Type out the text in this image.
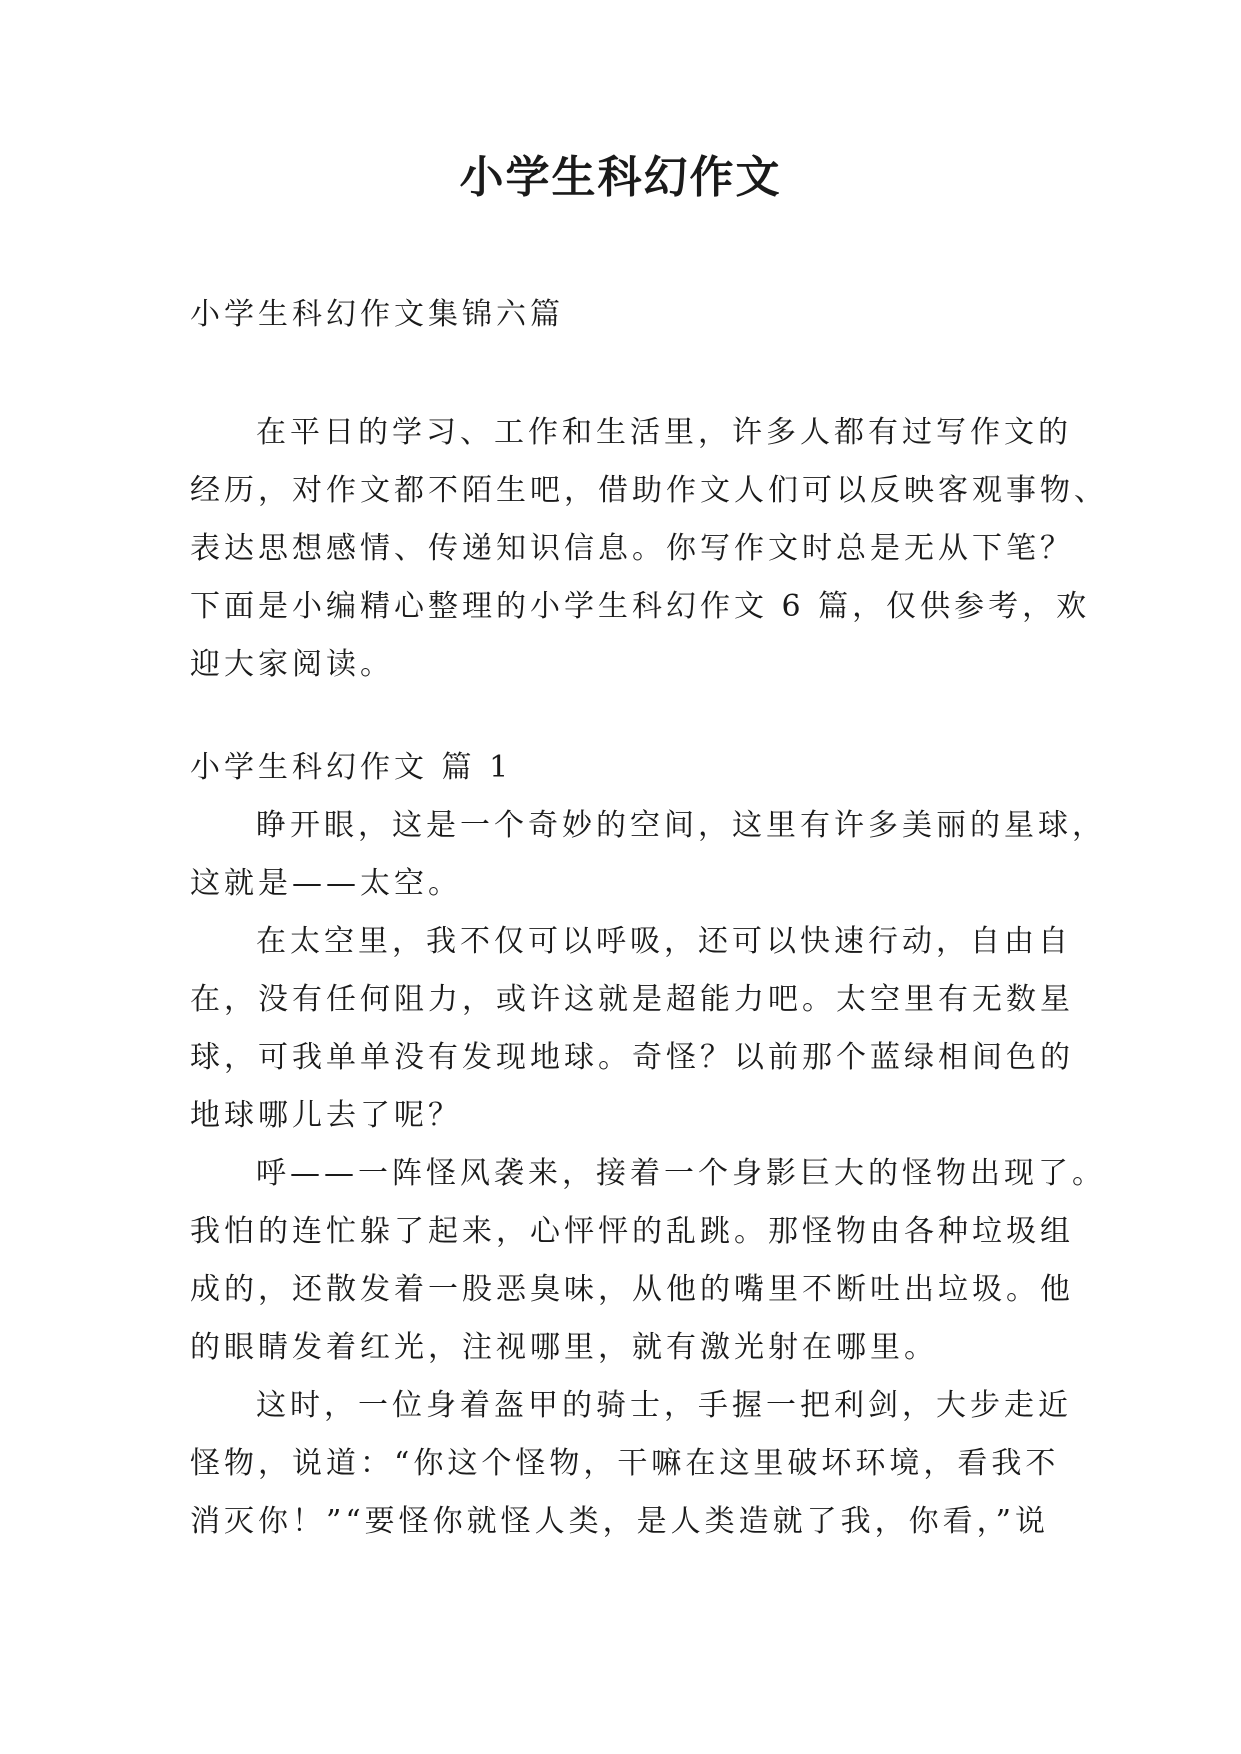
小学生科幻作文
小学生科幻作文集锦六篇
在平日的学习、工作和生活里，许多人都有过写作文的
经历，对作文都不陌生吧，借助作文人们可以反映客观事物、
表达思想感情、传递知识信息。你写作文时总是无从下笔？
下面是小编精心整理的小学生科幻作文 6 篇，仅供参考，欢
迎大家阅读。
小学生科幻作文 篇 1
睁开眼，这是一个奇妙的空间，这里有许多美丽的星球，
这就是——太空。
在太空里，我不仅可以呼吸，还可以快速行动，自由自
在，没有任何阻力，或许这就是超能力吧。太空里有无数星
球，可我单单没有发现地球。奇怪？以前那个蓝绿相间色的
地球哪儿去了呢？
呼——一阵怪风袭来，接着一个身影巨大的怪物出现了。
我怕的连忙躲了起来，心怦怦的乱跳。那怪物由各种垃圾组
成的，还散发着一股恶臭味，从他的嘴里不断吐出垃圾。他
的眼睛发着红光，注视哪里，就有激光射在哪里。
这时，一位身着盔甲的骑士，手握一把利剑，大步走近
怪物，说道：“你这个怪物，干嘛在这里破坏环境，看我不
消灭你！”“要怪你就怪人类，是人类造就了我，你看，”说
